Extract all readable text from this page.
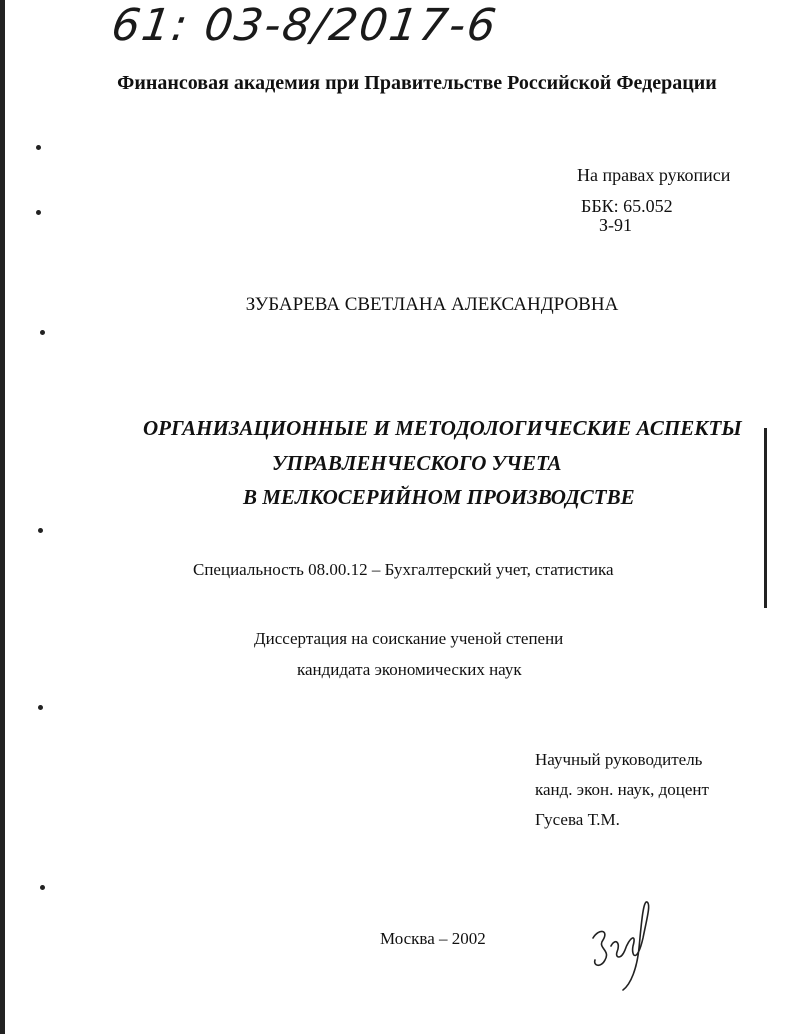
61: 03-8/2017-6
Финансовая академия при Правительстве Российской Федерации
На правах рукописи
ББК: 65.052
З-91
ЗУБАРЕВА СВЕТЛАНА АЛЕКСАНДРОВНА
ОРГАНИЗАЦИОННЫЕ И МЕТОДОЛОГИЧЕСКИЕ АСПЕКТЫ
УПРАВЛЕНЧЕСКОГО УЧЕТА
В МЕЛКОСЕРИЙНОМ ПРОИЗВОДСТВЕ
Специальность 08.00.12 – Бухгалтерский учет, статистика
Диссертация на соискание ученой степени
кандидата экономических наук
Научный руководитель
канд. экон. наук, доцент
Гусева Т.М.
Москва – 2002
